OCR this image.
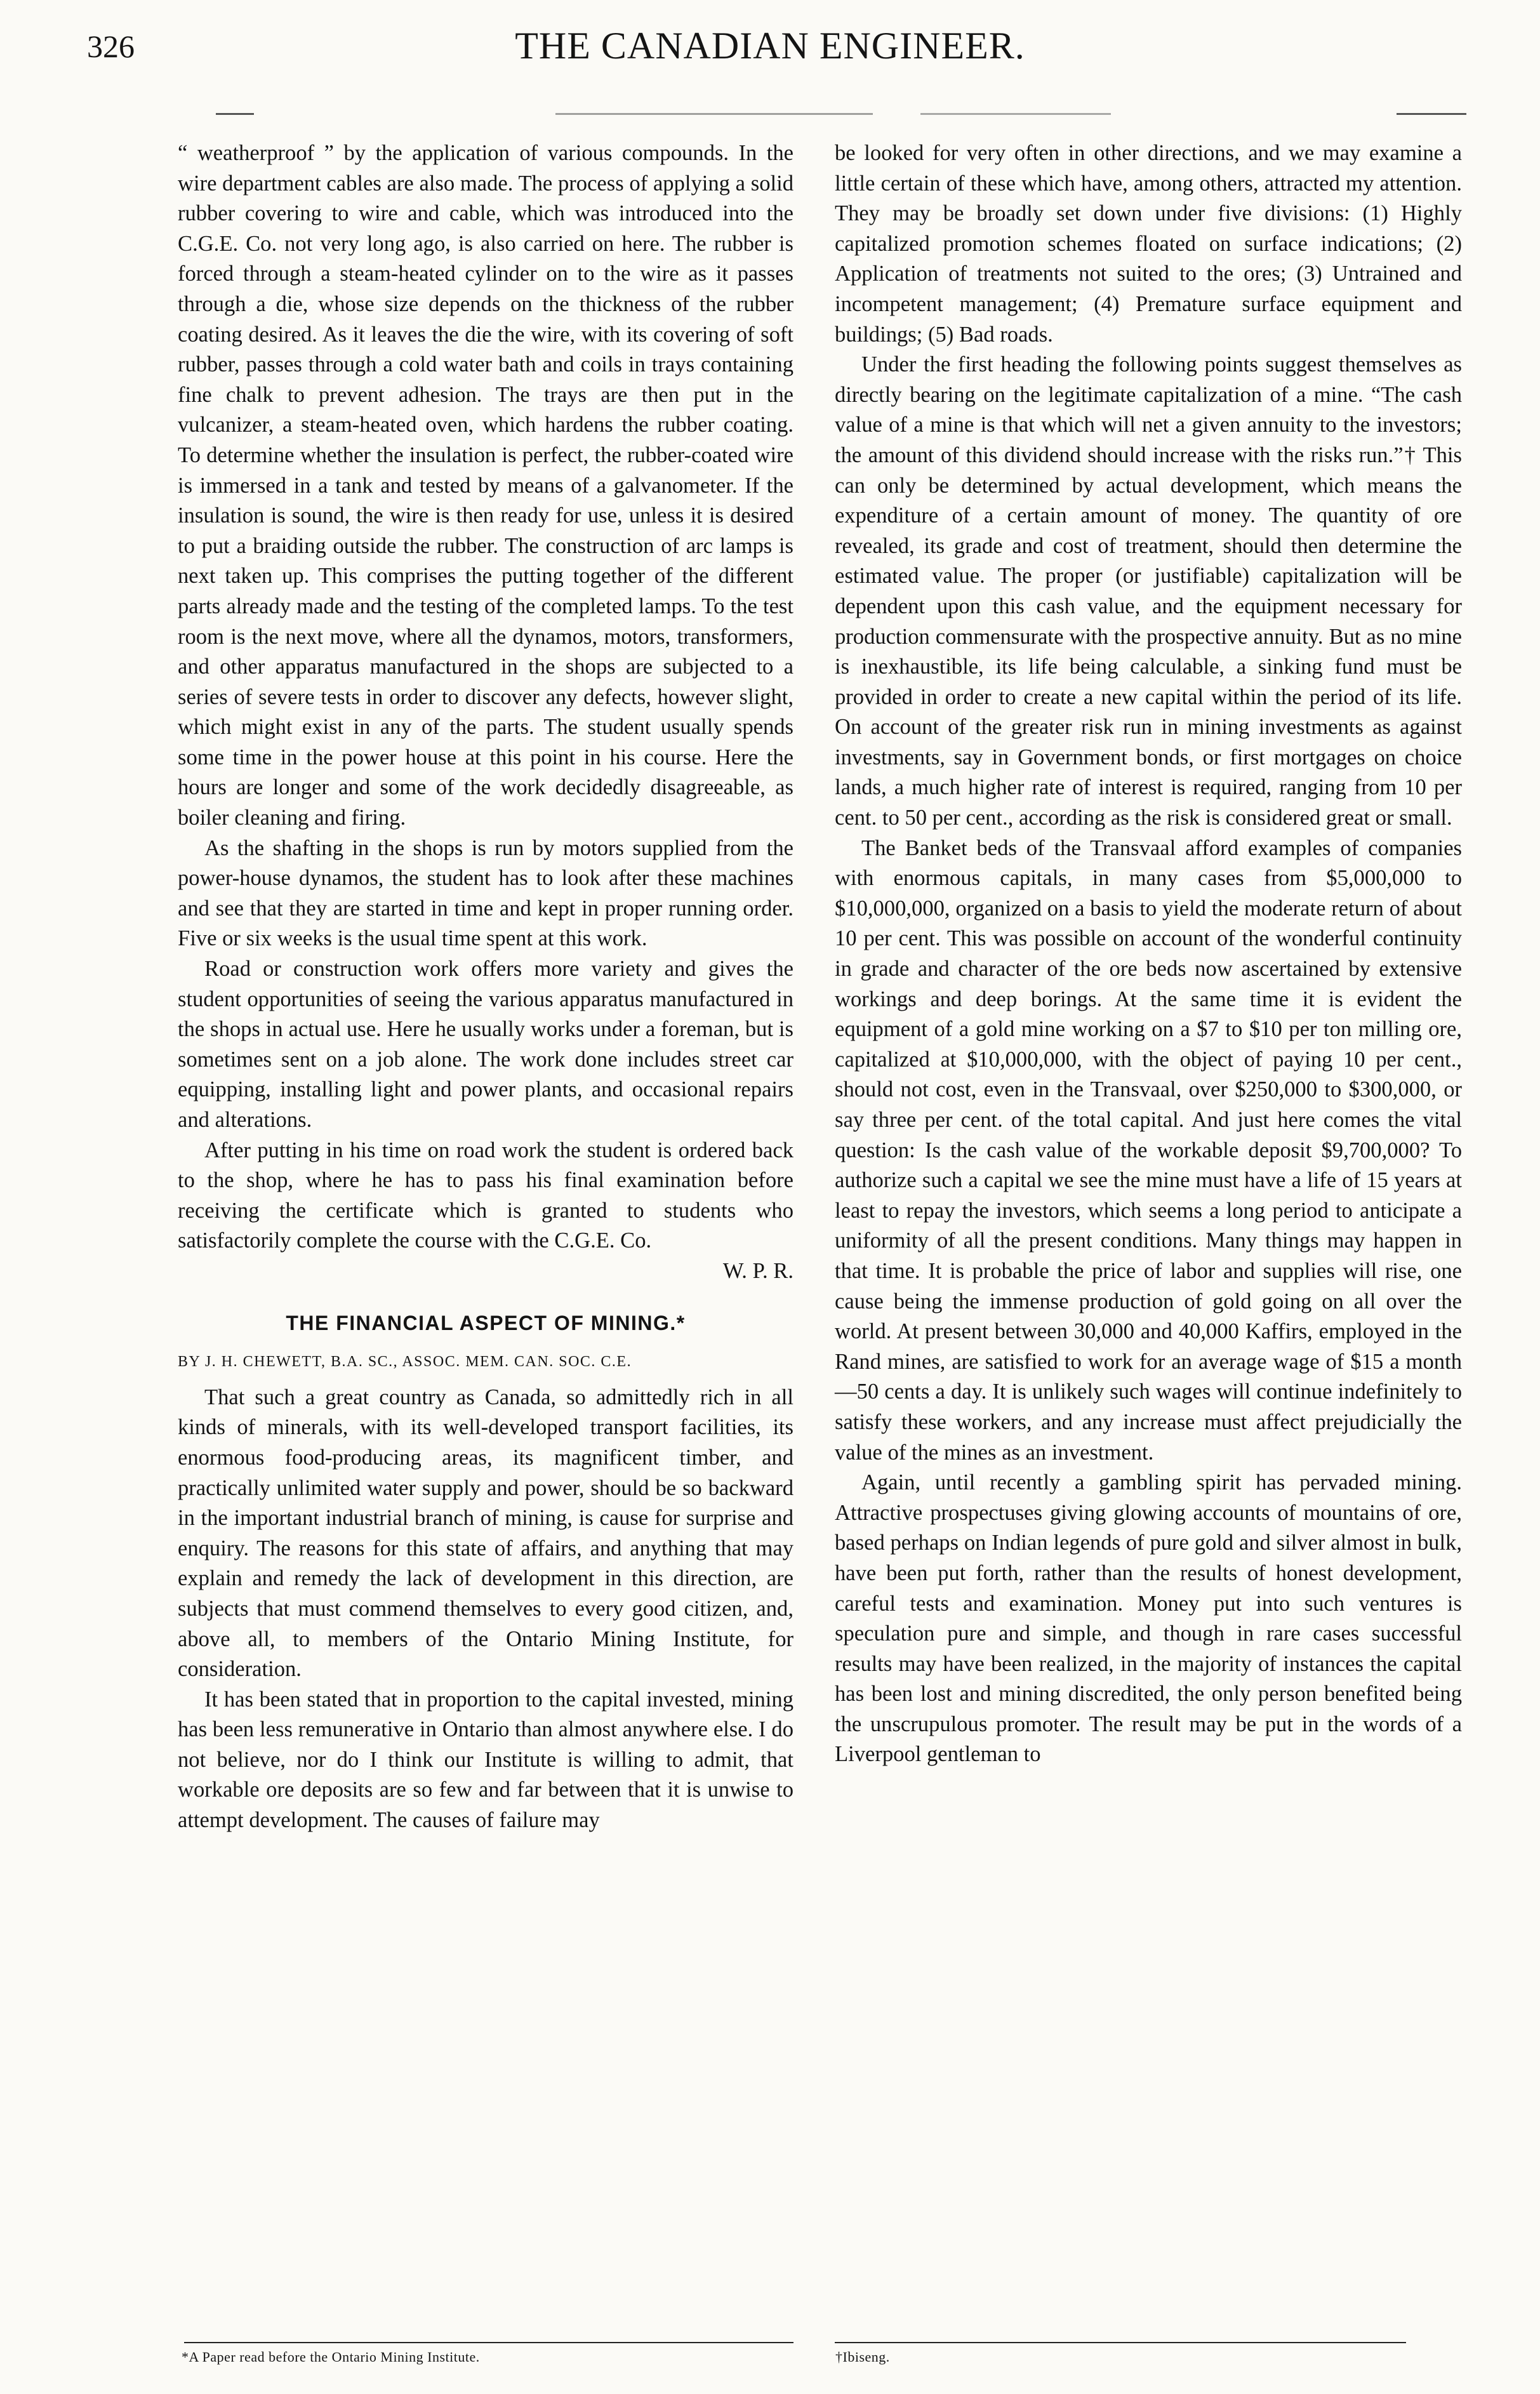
326	THE CANADIAN ENGINEER.

“ weatherproof ” by the application of various compounds. In the wire department cables are also made. The process of applying a solid rubber covering to wire and cable, which was introduced into the C.G.E. Co. not very long ago, is also carried on here. The rubber is forced through a steam-heated cylinder on to the wire as it passes through a die, whose size depends on the thickness of the rubber coating desired. As it leaves the die the wire, with its covering of soft rubber, passes through a cold water bath and coils in trays containing fine chalk to prevent adhesion. The trays are then put in the vulcanizer, a steam-heated oven, which hardens the rubber coating. To determine whether the insulation is perfect, the rubber-coated wire is immersed in a tank and tested by means of a galvanometer. If the insulation is sound, the wire is then ready for use, unless it is desired to put a braiding outside the rubber. The construction of arc lamps is next taken up. This comprises the putting together of the different parts already made and the testing of the completed lamps. To the test room is the next move, where all the dynamos, motors, transformers, and other apparatus manufactured in the shops are subjected to a series of severe tests in order to discover any defects, however slight, which might exist in any of the parts. The student usually spends some time in the power house at this point in his course. Here the hours are longer and some of the work decidedly disagreeable, as boiler cleaning and firing.

As the shafting in the shops is run by motors supplied from the power-house dynamos, the student has to look after these machines and see that they are started in time and kept in proper running order. Five or six weeks is the usual time spent at this work.

Road or construction work offers more variety and gives the student opportunities of seeing the various apparatus manufactured in the shops in actual use. Here he usually works under a foreman, but is sometimes sent on a job alone. The work done includes street car equipping, installing light and power plants, and occasional repairs and alterations.

After putting in his time on road work the student is ordered back to the shop, where he has to pass his final examination before receiving the certificate which is granted to students who satisfactorily complete the course with the C.G.E. Co.
W. P. R.

THE FINANCIAL ASPECT OF MINING.*
BY J. H. CHEWETT, B.A. SC., ASSOC. MEM. CAN. SOC. C.E.

That such a great country as Canada, so admittedly rich in all kinds of minerals, with its well-developed transport facilities, its enormous food-producing areas, its magnificent timber, and practically unlimited water supply and power, should be so backward in the important industrial branch of mining, is cause for surprise and enquiry. The reasons for this state of affairs, and anything that may explain and remedy the lack of development in this direction, are subjects that must commend themselves to every good citizen, and, above all, to members of the Ontario Mining Institute, for consideration.

It has been stated that in proportion to the capital invested, mining has been less remunerative in Ontario than almost anywhere else. I do not believe, nor do I think our Institute is willing to admit, that workable ore deposits are so few and far between that it is unwise to attempt development. The causes of failure may

be looked for very often in other directions, and we may examine a little certain of these which have, among others, attracted my attention. They may be broadly set down under five divisions: (1) Highly capitalized promotion schemes floated on surface indications; (2) Application of treatments not suited to the ores; (3) Untrained and incompetent management; (4) Premature surface equipment and buildings; (5) Bad roads.

Under the first heading the following points suggest themselves as directly bearing on the legitimate capitalization of a mine. “The cash value of a mine is that which will net a given annuity to the investors; the amount of this dividend should increase with the risks run.”† This can only be determined by actual development, which means the expenditure of a certain amount of money. The quantity of ore revealed, its grade and cost of treatment, should then determine the estimated value. The proper (or justifiable) capitalization will be dependent upon this cash value, and the equipment necessary for production commensurate with the prospective annuity. But as no mine is inexhaustible, its life being calculable, a sinking fund must be provided in order to create a new capital within the period of its life. On account of the greater risk run in mining investments as against investments, say in Government bonds, or first mortgages on choice lands, a much higher rate of interest is required, ranging from 10 per cent. to 50 per cent., according as the risk is considered great or small.

The Banket beds of the Transvaal afford examples of companies with enormous capitals, in many cases from $5,000,000 to $10,000,000, organized on a basis to yield the moderate return of about 10 per cent. This was possible on account of the wonderful continuity in grade and character of the ore beds now ascertained by extensive workings and deep borings. At the same time it is evident the equipment of a gold mine working on a $7 to $10 per ton milling ore, capitalized at $10,000,000, with the object of paying 10 per cent., should not cost, even in the Transvaal, over $250,000 to $300,000, or say three per cent. of the total capital. And just here comes the vital question: Is the cash value of the workable deposit $9,700,000? To authorize such a capital we see the mine must have a life of 15 years at least to repay the investors, which seems a long period to anticipate a uniformity of all the present conditions. Many things may happen in that time. It is probable the price of labor and supplies will rise, one cause being the immense production of gold going on all over the world. At present between 30,000 and 40,000 Kaffirs, employed in the Rand mines, are satisfied to work for an average wage of $15 a month —50 cents a day. It is unlikely such wages will continue indefinitely to satisfy these workers, and any increase must affect prejudicially the value of the mines as an investment.

Again, until recently a gambling spirit has pervaded mining. Attractive prospectuses giving glowing accounts of mountains of ore, based perhaps on Indian legends of pure gold and silver almost in bulk, have been put forth, rather than the results of honest development, careful tests and examination. Money put into such ventures is speculation pure and simple, and though in rare cases successful results may have been realized, in the majority of instances the capital has been lost and mining discredited, the only person benefited being the unscrupulous promoter. The result may be put in the words of a Liverpool gentleman to

*A Paper read before the Ontario Mining Institute.	†Ibiseng.
